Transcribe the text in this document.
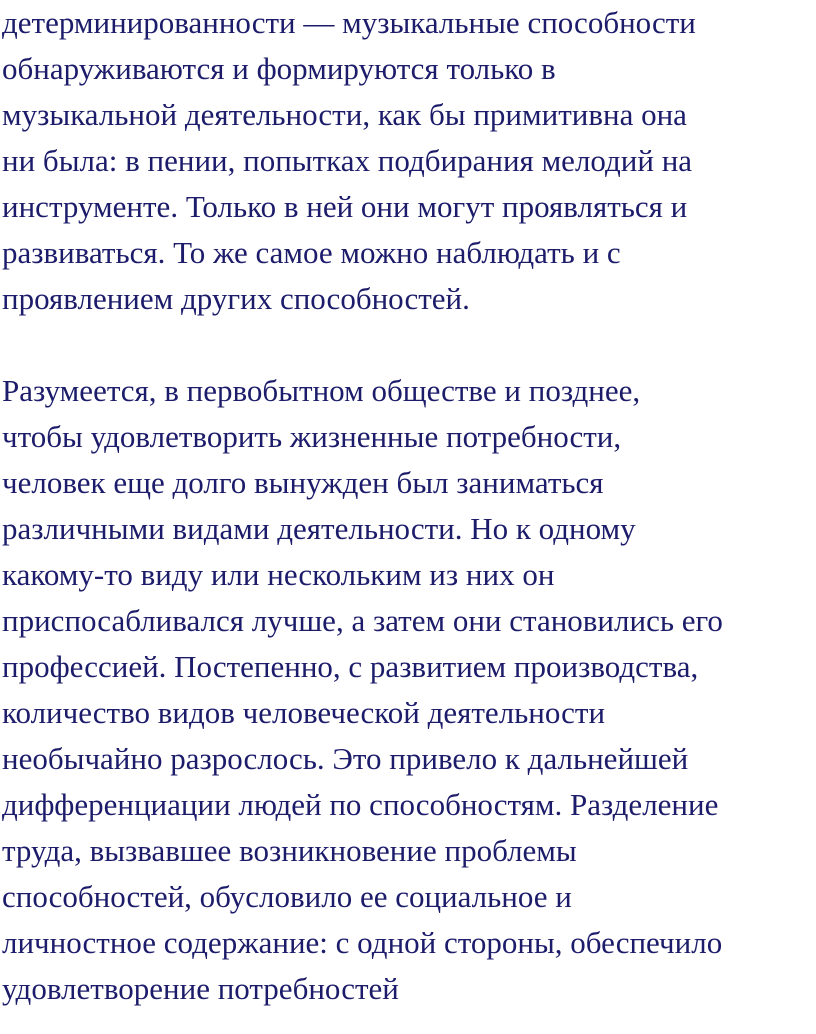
детерминированности — музыкальные способности
обнаруживаются и формируются только в
музыкальной деятельности, как бы примитивна она
ни была: в пении, попытках подбирания мелодий на
инструменте. Только в ней они могут проявляться и
развиваться. То же самое можно наблюдать и с
проявлением других способностей.
Разумеется, в первобытном обществе и позднее,
чтобы удовлетворить жизненные потребности,
человек еще долго вынужден был заниматься
различными видами деятельности. Но к одному
какому-то виду или нескольким из них он
приспосабливался лучше, а затем они становились его
профессией. Постепенно, с развитием производства,
количество видов человеческой деятельности
необычайно разрослось. Это привело к дальнейшей
дифференциации людей по способностям. Разделение
труда, вызвавшее возникновение проблемы
способностей, обусловило ее социальное и
личностное содержание: с одной стороны, обеспечило
удовлетворение потребностей
